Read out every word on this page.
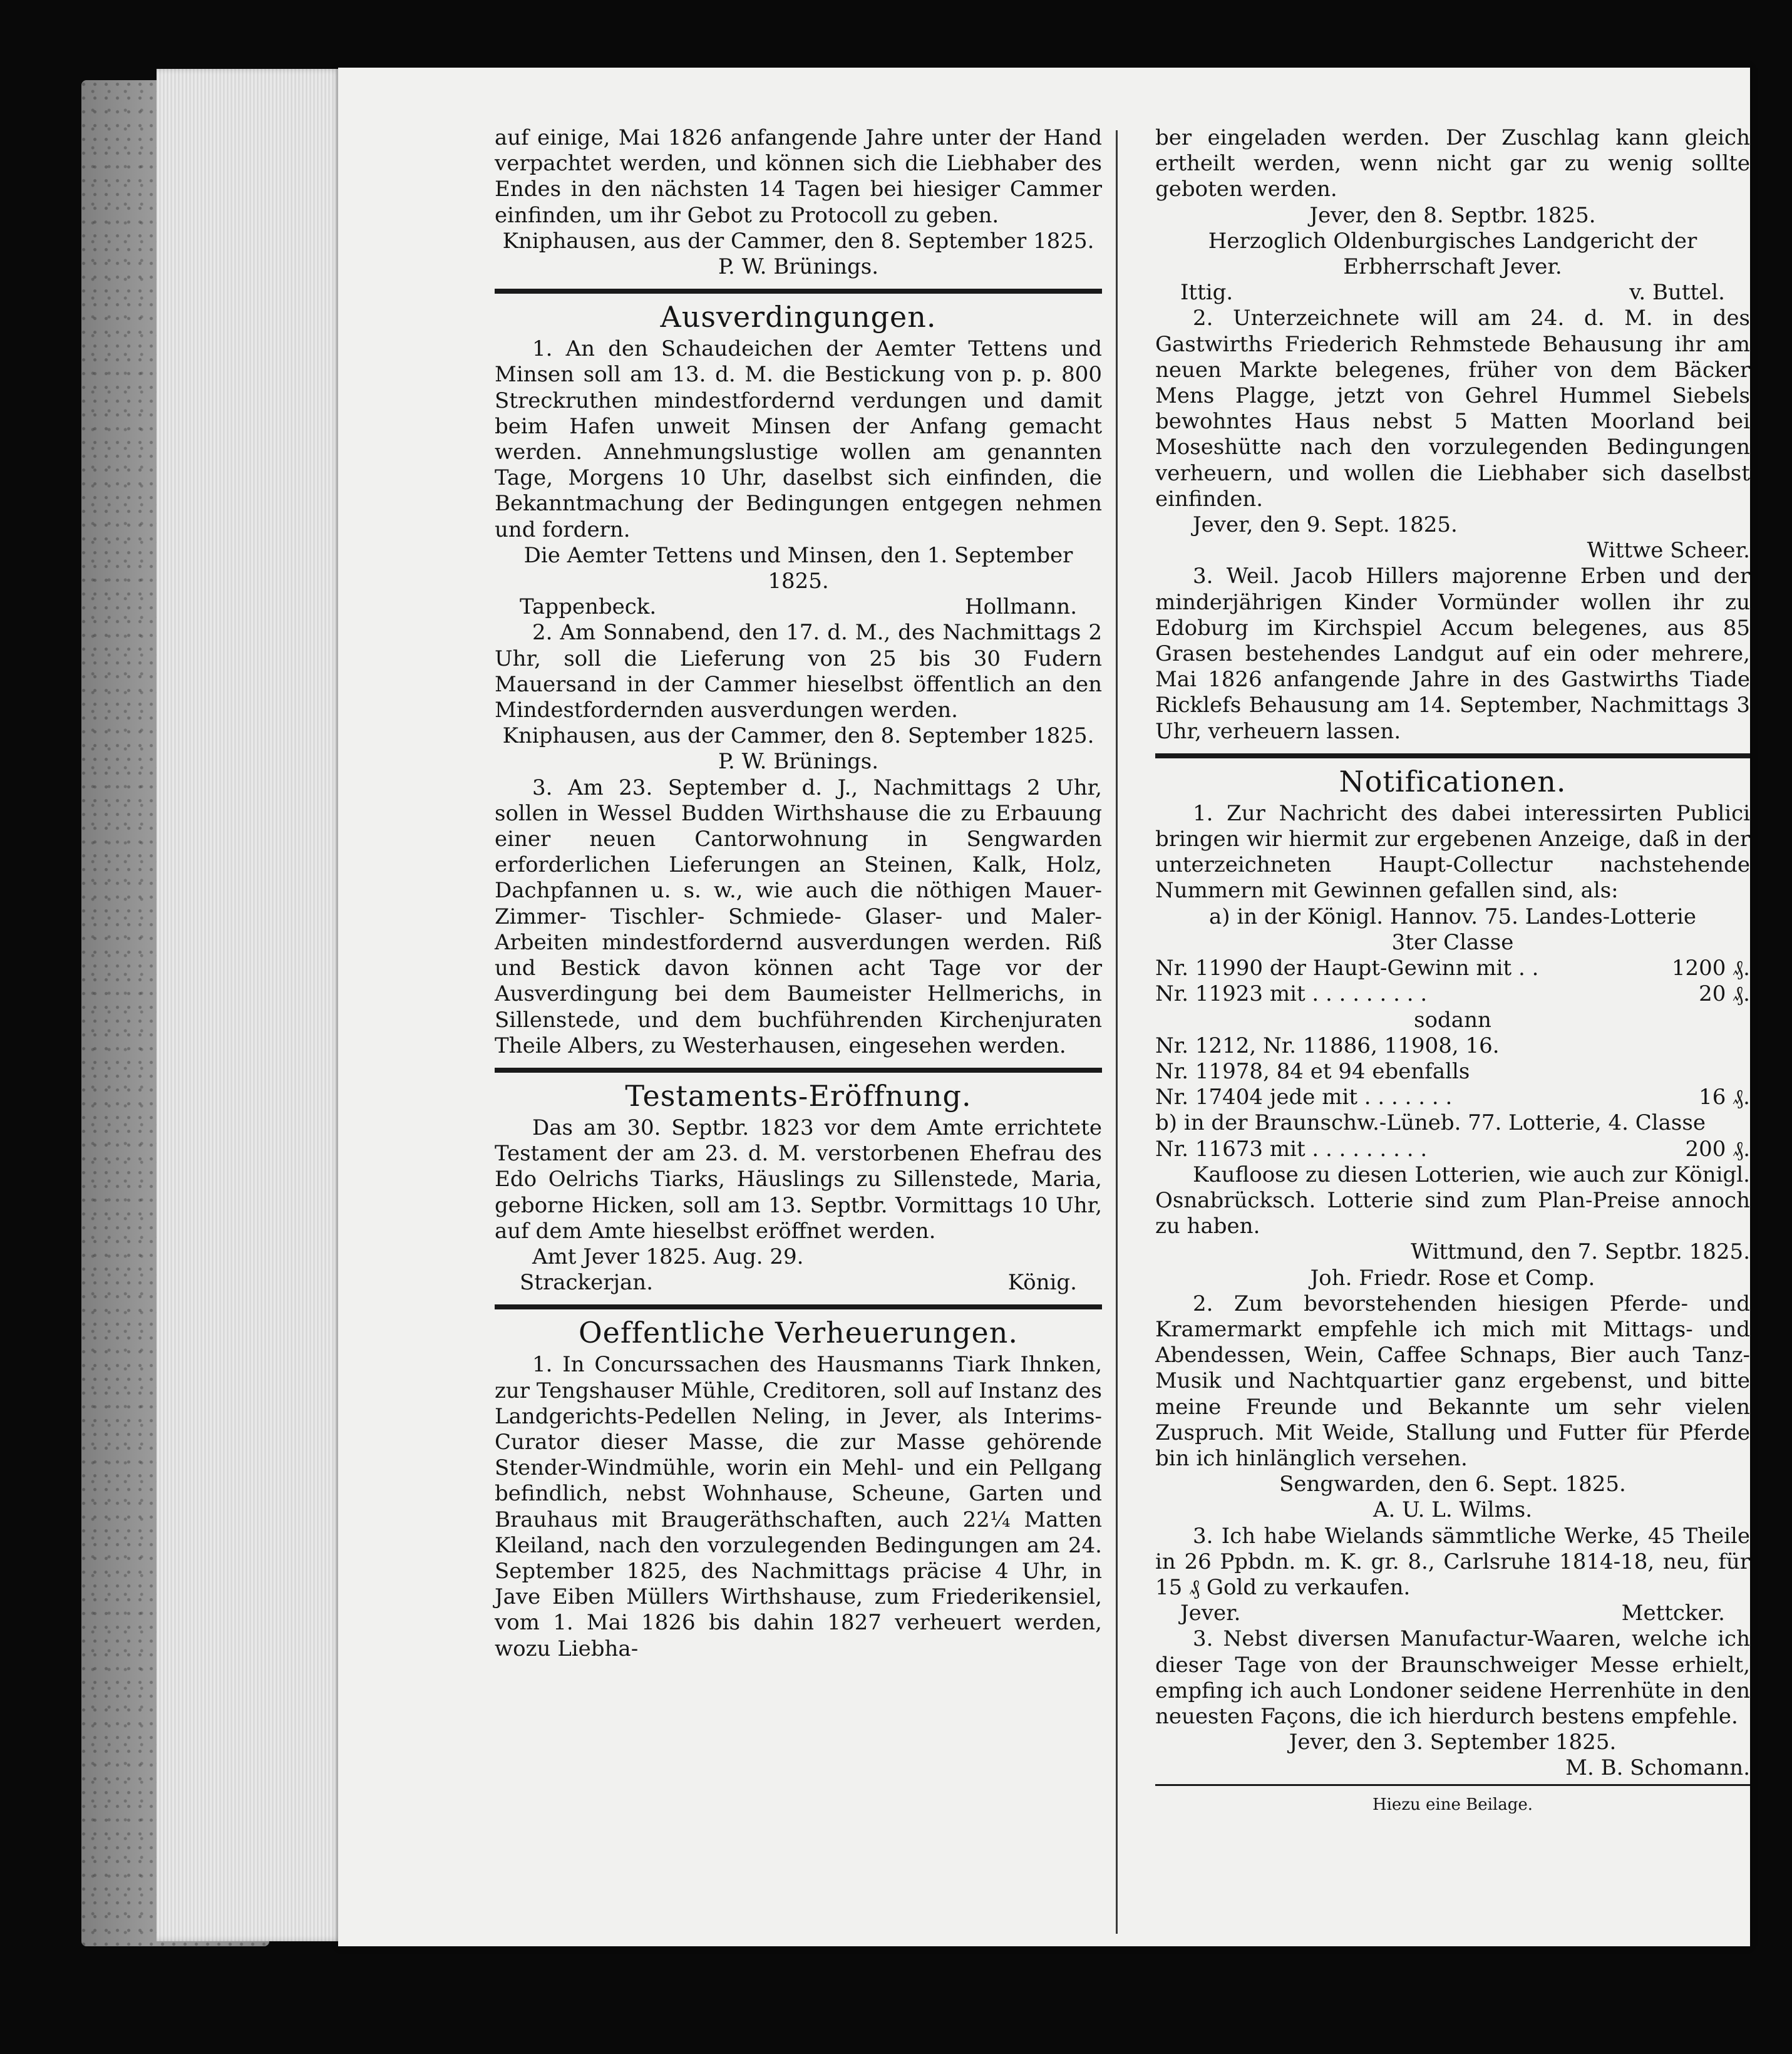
auf einige, Mai 1826 anfangende Jahre unter der Hand verpachtet werden, und können sich die Liebhaber des Endes in den nächsten 14 Tagen bei hiesiger Cammer einfinden, um ihr Gebot zu Protocoll zu geben.

Kniphausen, aus der Cammer, den 8. September 1825.

P. W. Brünings.

Ausverdingungen.

1. An den Schaudeichen der Aemter Tettens und Minsen soll am 13. d. M. die Bestickung von p. p. 800 Streckruthen mindestfordernd verdungen und damit beim Hafen unweit Minsen der Anfang gemacht werden. Annehmungslustige wollen am genannten Tage, Morgens 10 Uhr, daselbst sich einfinden, die Bekanntmachung der Bedingungen entgegen nehmen und fordern.

Die Aemter Tettens und Minsen, den 1. September 1825.

Tappenbeck.	Hollmann.

2. Am Sonnabend, den 17. d. M., des Nachmittags 2 Uhr, soll die Lieferung von 25 bis 30 Fudern Mauersand in der Cammer hieselbst öffentlich an den Mindestfordernden ausverdungen werden.

Kniphausen, aus der Cammer, den 8. September 1825.

P. W. Brünings.

3. Am 23. September d. J., Nachmittags 2 Uhr, sollen in Wessel Budden Wirthshause die zu Erbauung einer neuen Cantorwohnung in Sengwarden erforderlichen Lieferungen an Steinen, Kalk, Holz, Dachpfannen u. s. w., wie auch die nöthigen Mauer- Zimmer- Tischler- Schmiede- Glaser- und Maler-Arbeiten mindestfordernd ausverdungen werden. Riß und Bestick davon können acht Tage vor der Ausverdingung bei dem Baumeister Hellmerichs, in Sillenstede, und dem buchführenden Kirchenjuraten Theile Albers, zu Westerhausen, eingesehen werden.

Testaments-Eröffnung.

Das am 30. Septbr. 1823 vor dem Amte errichtete Testament der am 23. d. M. verstorbenen Ehefrau des Edo Oelrichs Tiarks, Häuslings zu Sillenstede, Maria, geborne Hicken, soll am 13. Septbr. Vormittags 10 Uhr, auf dem Amte hieselbst eröffnet werden.

Amt Jever 1825. Aug. 29.

Strackerjan.	König.
Oeffentliche Verheuerungen.

1. In Concurssachen des Hausmanns Tiark Ihnken, zur Tengshauser Mühle, Creditoren, soll auf Instanz des Landgerichts-Pedellen Neling, in Jever, als Interims-Curator dieser Masse, die zur Masse gehörende Stender-Windmühle, worin ein Mehl- und ein Pellgang befindlich, nebst Wohnhause, Scheune, Garten und Brauhaus mit Braugeräthschaften, auch 22¼ Matten Kleiland, nach den vorzulegenden Bedingungen am 24. September 1825, des Nachmittags präcise 4 Uhr, in Jave Eiben Müllers Wirthshause, zum Friederikensiel, vom 1. Mai 1826 bis dahin 1827 verheuert werden, wozu Liebha-

ber eingeladen werden. Der Zuschlag kann gleich ertheilt werden, wenn nicht gar zu wenig sollte geboten werden.

Jever, den 8. Septbr. 1825.

Herzoglich Oldenburgisches Landgericht der Erbherrschaft Jever.

Ittig.	v. Buttel.

2. Unterzeichnete will am 24. d. M. in des Gastwirths Friederich Rehmstede Behausung ihr am neuen Markte belegenes, früher von dem Bäcker Mens Plagge, jetzt von Gehrel Hummel Siebels bewohntes Haus nebst 5 Matten Moorland bei Moseshütte nach den vorzulegenden Bedingungen verheuern, und wollen die Liebhaber sich daselbst einfinden.

Jever, den 9. Sept. 1825.

Wittwe Scheer.

3. Weil. Jacob Hillers majorenne Erben und der minderjährigen Kinder Vormünder wollen ihr zu Edoburg im Kirchspiel Accum belegenes, aus 85 Grasen bestehendes Landgut auf ein oder mehrere, Mai 1826 anfangende Jahre in des Gastwirths Tiade Ricklefs Behausung am 14. September, Nachmittags 3 Uhr, verheuern lassen.

Notificationen.

1. Zur Nachricht des dabei interessirten Publici bringen wir hiermit zur ergebenen Anzeige, daß in der unterzeichneten Haupt-Collectur nachstehende Nummern mit Gewinnen gefallen sind, als:

a) in der Königl. Hannov. 75. Landes-Lotterie

3ter Classe

Nr. 11990 der Haupt-Gewinn mit . .	1200 ₰.
Nr. 11923 mit . . . . . . . . .	20 ₰.

sodann

Nr. 1212, Nr. 11886, 11908, 16.

Nr. 11978, 84 et 94 ebenfalls

Nr. 17404 jede mit . . . . . . .	16 ₰.

b) in der Braunschw.-Lüneb. 77. Lotterie, 4. Classe

Nr. 11673 mit . . . . . . . . .	200 ₰.

Kaufloose zu diesen Lotterien, wie auch zur Königl. Osnabrücksch. Lotterie sind zum Plan-Preise annoch zu haben.

Wittmund, den 7. Septbr. 1825.

Joh. Friedr. Rose et Comp.

2. Zum bevorstehenden hiesigen Pferde- und Kramermarkt empfehle ich mich mit Mittags- und Abendessen, Wein, Caffee Schnaps, Bier auch Tanz-Musik und Nachtquartier ganz ergebenst, und bitte meine Freunde und Bekannte um sehr vielen Zuspruch. Mit Weide, Stallung und Futter für Pferde bin ich hinlänglich versehen.

Sengwarden, den 6. Sept. 1825.

A. U. L. Wilms.

3. Ich habe Wielands sämmtliche Werke, 45 Theile in 26 Ppbdn. m. K. gr. 8., Carlsruhe 1814-18, neu, für 15 ₰ Gold zu verkaufen.

Jever.	Mettcker.

3. Nebst diversen Manufactur-Waaren, welche ich dieser Tage von der Braunschweiger Messe erhielt, empfing ich auch Londoner seidene Herrenhüte in den neuesten Façons, die ich hierdurch bestens empfehle.

Jever, den 3. September 1825.

M. B. Schomann.

Hiezu eine Beilage.
